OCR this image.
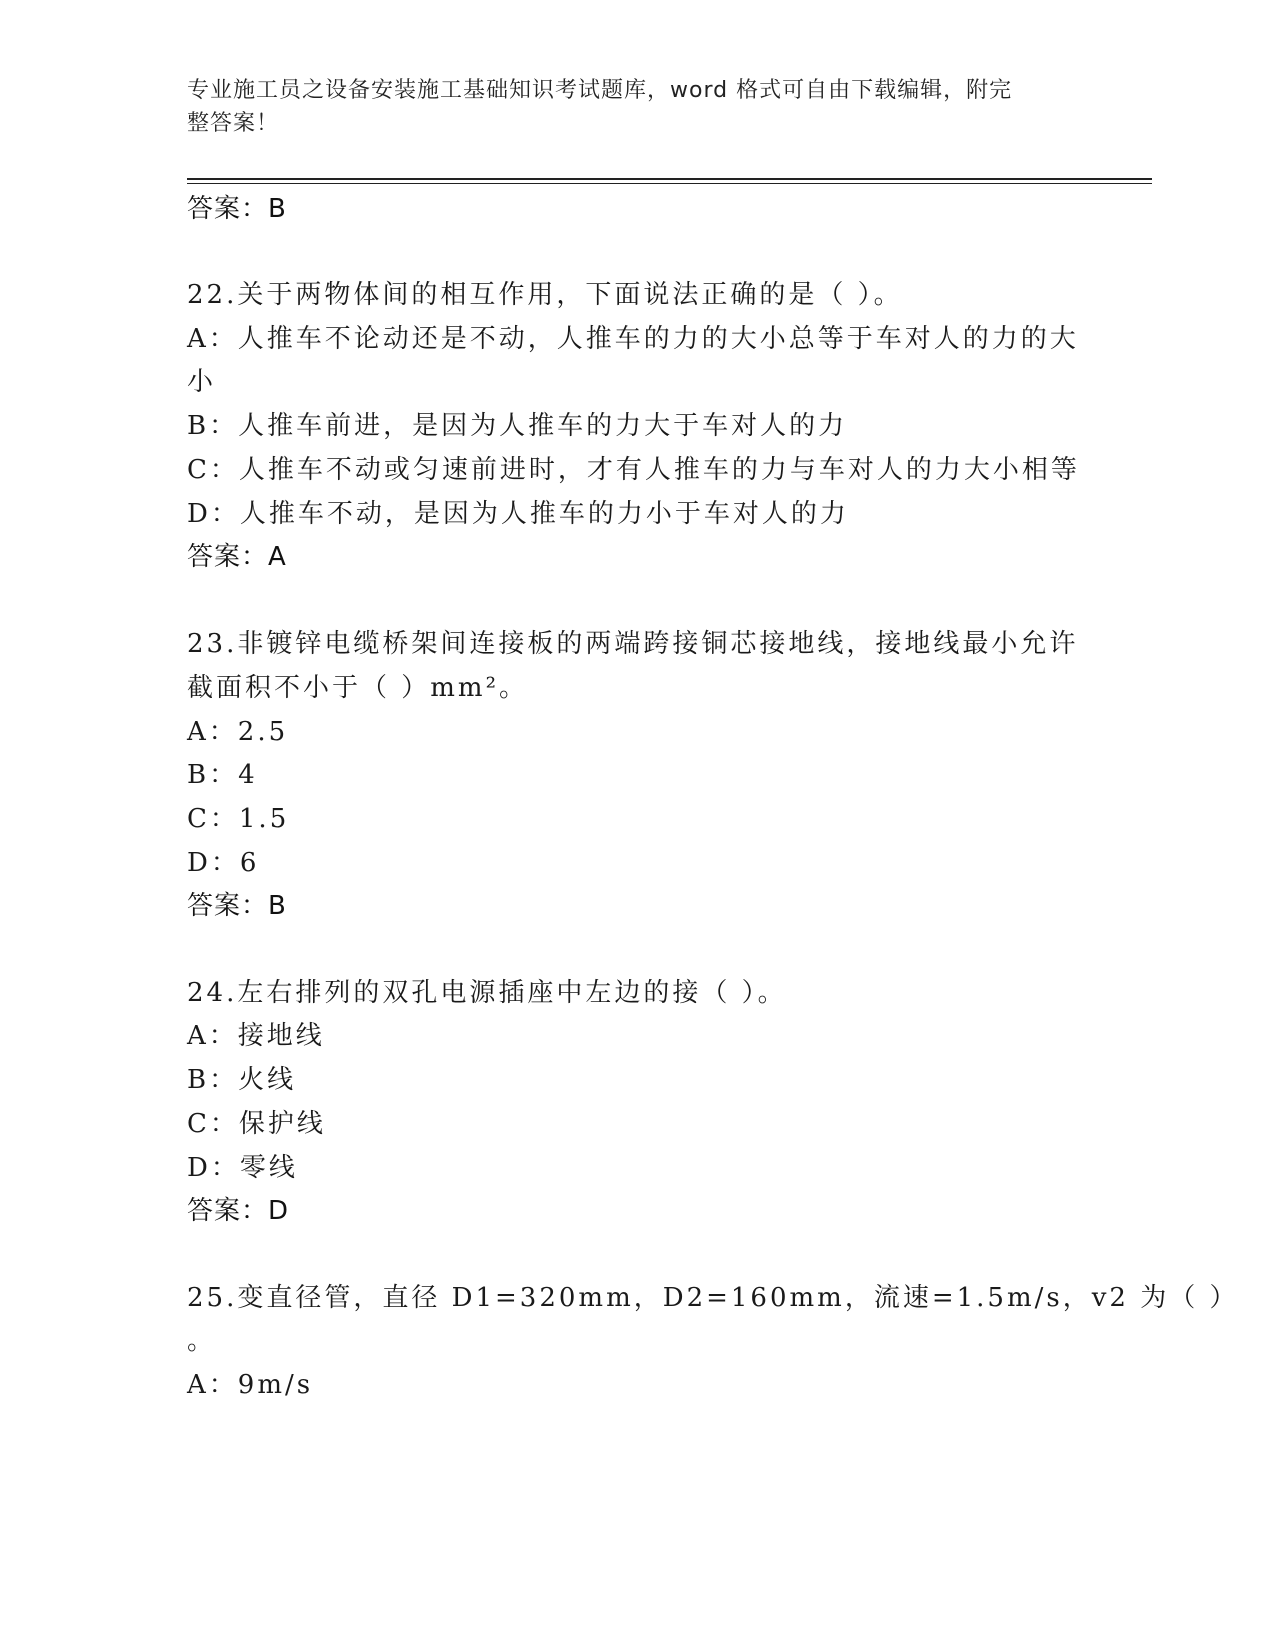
专业施工员之设备安装施工基础知识考试题库，word 格式可自由下载编辑，附完
整答案！
答案：B
22.关于两物体间的相互作用，下面说法正确的是（ ）。
A：人推车不论动还是不动，人推车的力的大小总等于车对人的力的大
小
B：人推车前进，是因为人推车的力大于车对人的力
C：人推车不动或匀速前进时，才有人推车的力与车对人的力大小相等
D：人推车不动，是因为人推车的力小于车对人的力
答案：A
23.非镀锌电缆桥架间连接板的两端跨接铜芯接地线，接地线最小允许
截面积不小于（ ）mm²。
A：2.5
B：4
C：1.5
D：6
答案：B
24.左右排列的双孔电源插座中左边的接（ ）。
A：接地线
B：火线
C：保护线
D：零线
答案：D
25.变直径管，直径 D1=320mm，D2=160mm，流速=1.5m/s，v2 为（ ）
。
A：9m/s
